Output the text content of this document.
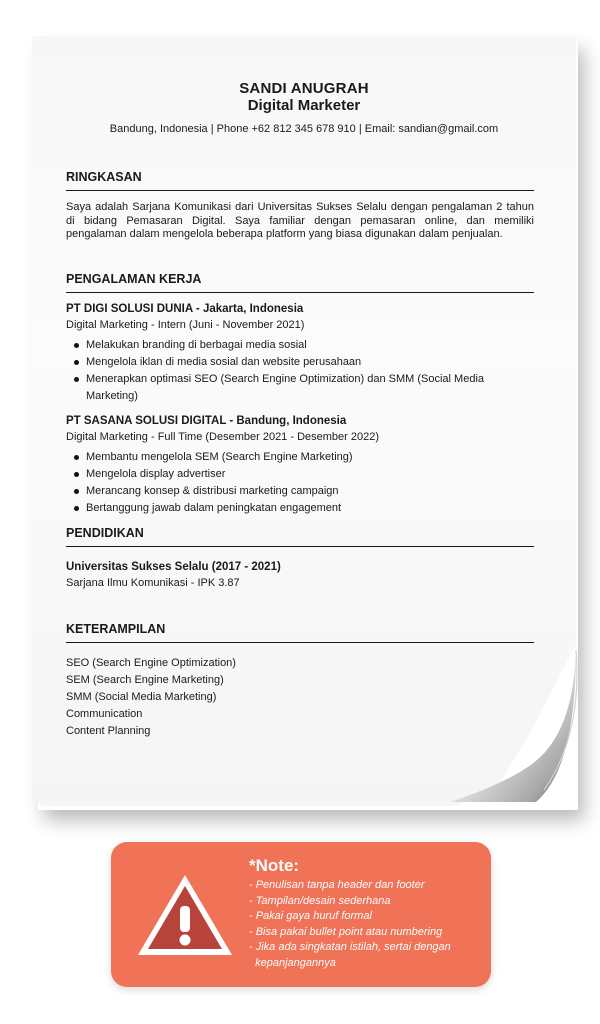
SANDI ANUGRAH
Digital Marketer
Bandung, Indonesia | Phone +62 812 345 678 910 | Email: sandian@gmail.com
RINGKASAN
Saya adalah Sarjana Komunikasi dari Universitas Sukses Selalu dengan pengalaman 2 tahun di bidang Pemasaran Digital. Saya familiar dengan pemasaran online, dan memiliki pengalaman dalam mengelola beberapa platform yang biasa digunakan dalam penjualan.
PENGALAMAN KERJA
PT DIGI SOLUSI DUNIA - Jakarta, Indonesia
Digital Marketing - Intern (Juni - November 2021)
Melakukan branding di berbagai media sosial
Mengelola iklan di media sosial dan website perusahaan
Menerapkan optimasi SEO (Search Engine Optimization) dan SMM (Social Media Marketing)
PT SASANA SOLUSI DIGITAL - Bandung, Indonesia
Digital Marketing - Full Time (Desember 2021 - Desember 2022)
Membantu mengelola SEM (Search Engine Marketing)
Mengelola display advertiser
Merancang konsep & distribusi marketing campaign
Bertanggung jawab dalam peningkatan engagement
PENDIDIKAN
Universitas Sukses Selalu (2017 - 2021)
Sarjana Ilmu Komunikasi - IPK 3.87
KETERAMPILAN
SEO (Search Engine Optimization)
SEM (Search Engine Marketing)
SMM (Social Media Marketing)
Communication
Content Planning
*Note:
- Penulisan tanpa header dan footer
- Tampilan/desain sederhana
- Pakai gaya huruf formal
- Bisa pakai bullet point atau numbering
- Jika ada singkatan istilah, sertai dengan
kepanjangannya
